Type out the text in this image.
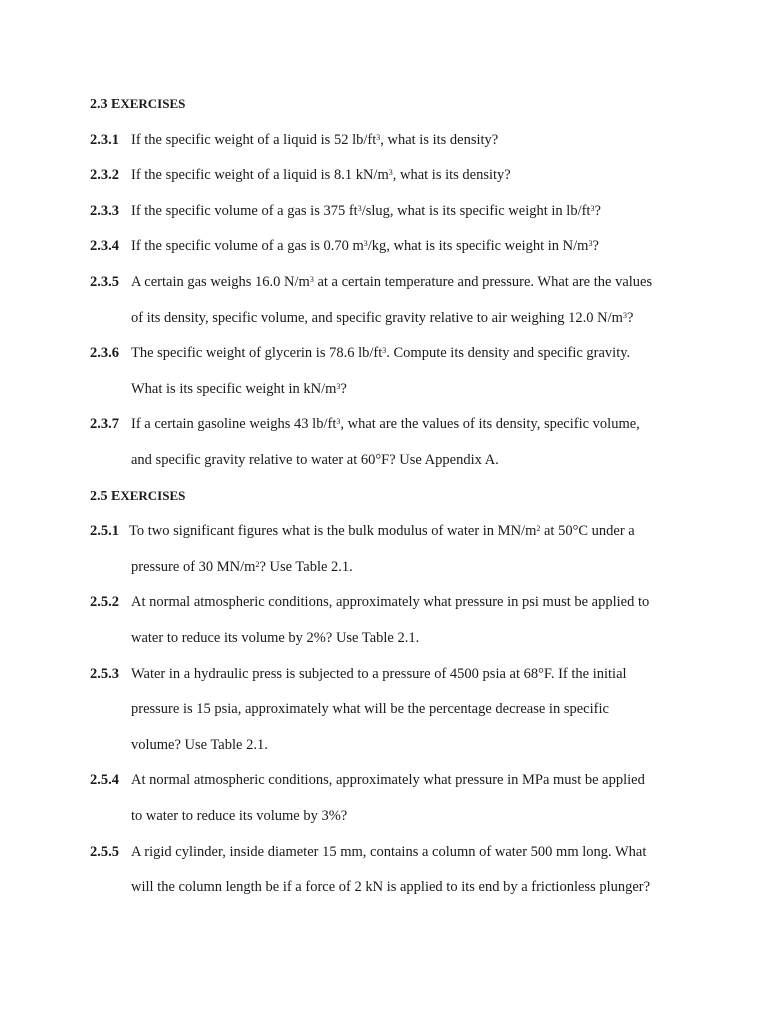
2.3 EXERCISES
2.3.1 If the specific weight of a liquid is 52 $lb/ft^3$, what is its density?
2.3.2 If the specific weight of a liquid is 8.1 $kN/m^3$, what is its density?
2.3.3 If the specific volume of a gas is 375 $ft^3$/slug, what is its specific weight in $lb/ft^3$?
2.3.4 If the specific volume of a gas is 0.70 $m^3/kg$, what is its specific weight in $N/m^3$?
2.3.5 A certain gas weighs 16.0 $N/m^3$ at a certain temperature and pressure. What are the values
of its density, specific volume, and specific gravity relative to air weighing 12.0 $N/m^3$?
2.3.6 The specific weight of glycerin is 78.6 $lb/ft^3$. Compute its density and specific gravity.
What is its specific weight in $kN/m^3$?
2.3.7 If a certain gasoline weighs 43 $lb/ft^3$, what are the values of its density, specific volume,
and specific gravity relative to water at 60°F? Use Appendix A.
2.5 EXERCISES
2.5.1 To two significant figures what is the bulk modulus of water in $MN/m^2$ at 50°C under a
pressure of 30 $MN/m^2$? Use Table 2.1.
2.5.2 At normal atmospheric conditions, approximately what pressure in psi must be applied to
water to reduce its volume by 2%? Use Table 2.1.
2.5.3 Water in a hydraulic press is subjected to a pressure of 4500 psia at 68°F. If the initial
pressure is 15 psia, approximately what will be the percentage decrease in specific
volume? Use Table 2.1.
2.5.4 At normal atmospheric conditions, approximately what pressure in MPa must be applied
to water to reduce its volume by 3%?
2.5.5 A rigid cylinder, inside diameter 15 mm, contains a column of water 500 mm long. What
will the column length be if a force of 2 kN is applied to its end by a frictionless plunger?
